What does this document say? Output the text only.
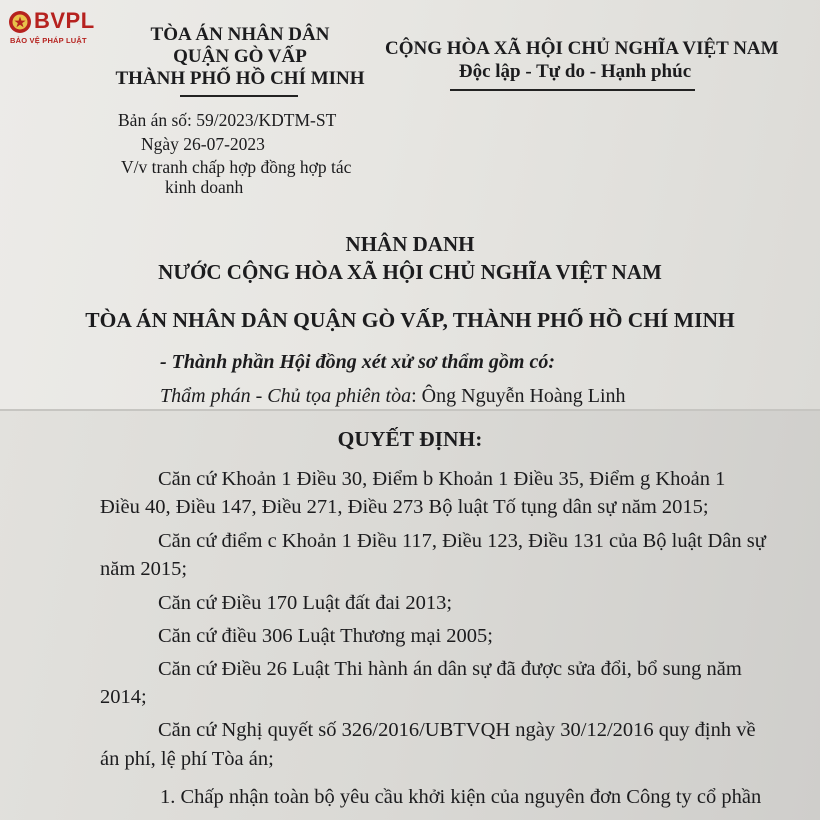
BVPL
BẢO VỆ PHÁP LUẬT	TÒA ÁN NHÂN DÂN
QUẬN GÒ VẤP
THÀNH PHỐ HỒ CHÍ MINH
CỘNG HÒA XÃ HỘI CHỦ NGHĨA VIỆT NAM
Độc lập - Tự do - Hạnh phúc
Bản án số: 59/2023/KDTM-ST
Ngày 26-07-2023
V/v tranh chấp hợp đồng hợp tác
kinh doanh
NHÂN DANH
NƯỚC CỘNG HÒA XÃ HỘI CHỦ NGHĨA VIỆT NAM
TÒA ÁN NHÂN DÂN QUẬN GÒ VẤP, THÀNH PHỐ HỒ CHÍ MINH
- Thành phần Hội đồng xét xử sơ thẩm gồm có:
Thẩm phán - Chủ tọa phiên tòa: Ông Nguyễn Hoàng Linh
QUYẾT ĐỊNH:
Căn cứ Khoản 1 Điều 30, Điểm b Khoản 1 Điều 35, Điểm g Khoản 1
Điều 40, Điều 147, Điều 271, Điều 273 Bộ luật Tố tụng dân sự năm 2015;
Căn cứ điểm c Khoản 1 Điều 117, Điều 123, Điều 131 của Bộ luật Dân sự
năm 2015;
Căn cứ Điều 170 Luật đất đai 2013;
Căn cứ điều 306 Luật Thương mại 2005;
Căn cứ Điều 26 Luật Thi hành án dân sự đã được sửa đổi, bổ sung năm
2014;
Căn cứ Nghị quyết số 326/2016/UBTVQH ngày 30/12/2016 quy định về
án phí, lệ phí Tòa án;
1. Chấp nhận toàn bộ yêu cầu khởi kiện của nguyên đơn Công ty cổ phần
